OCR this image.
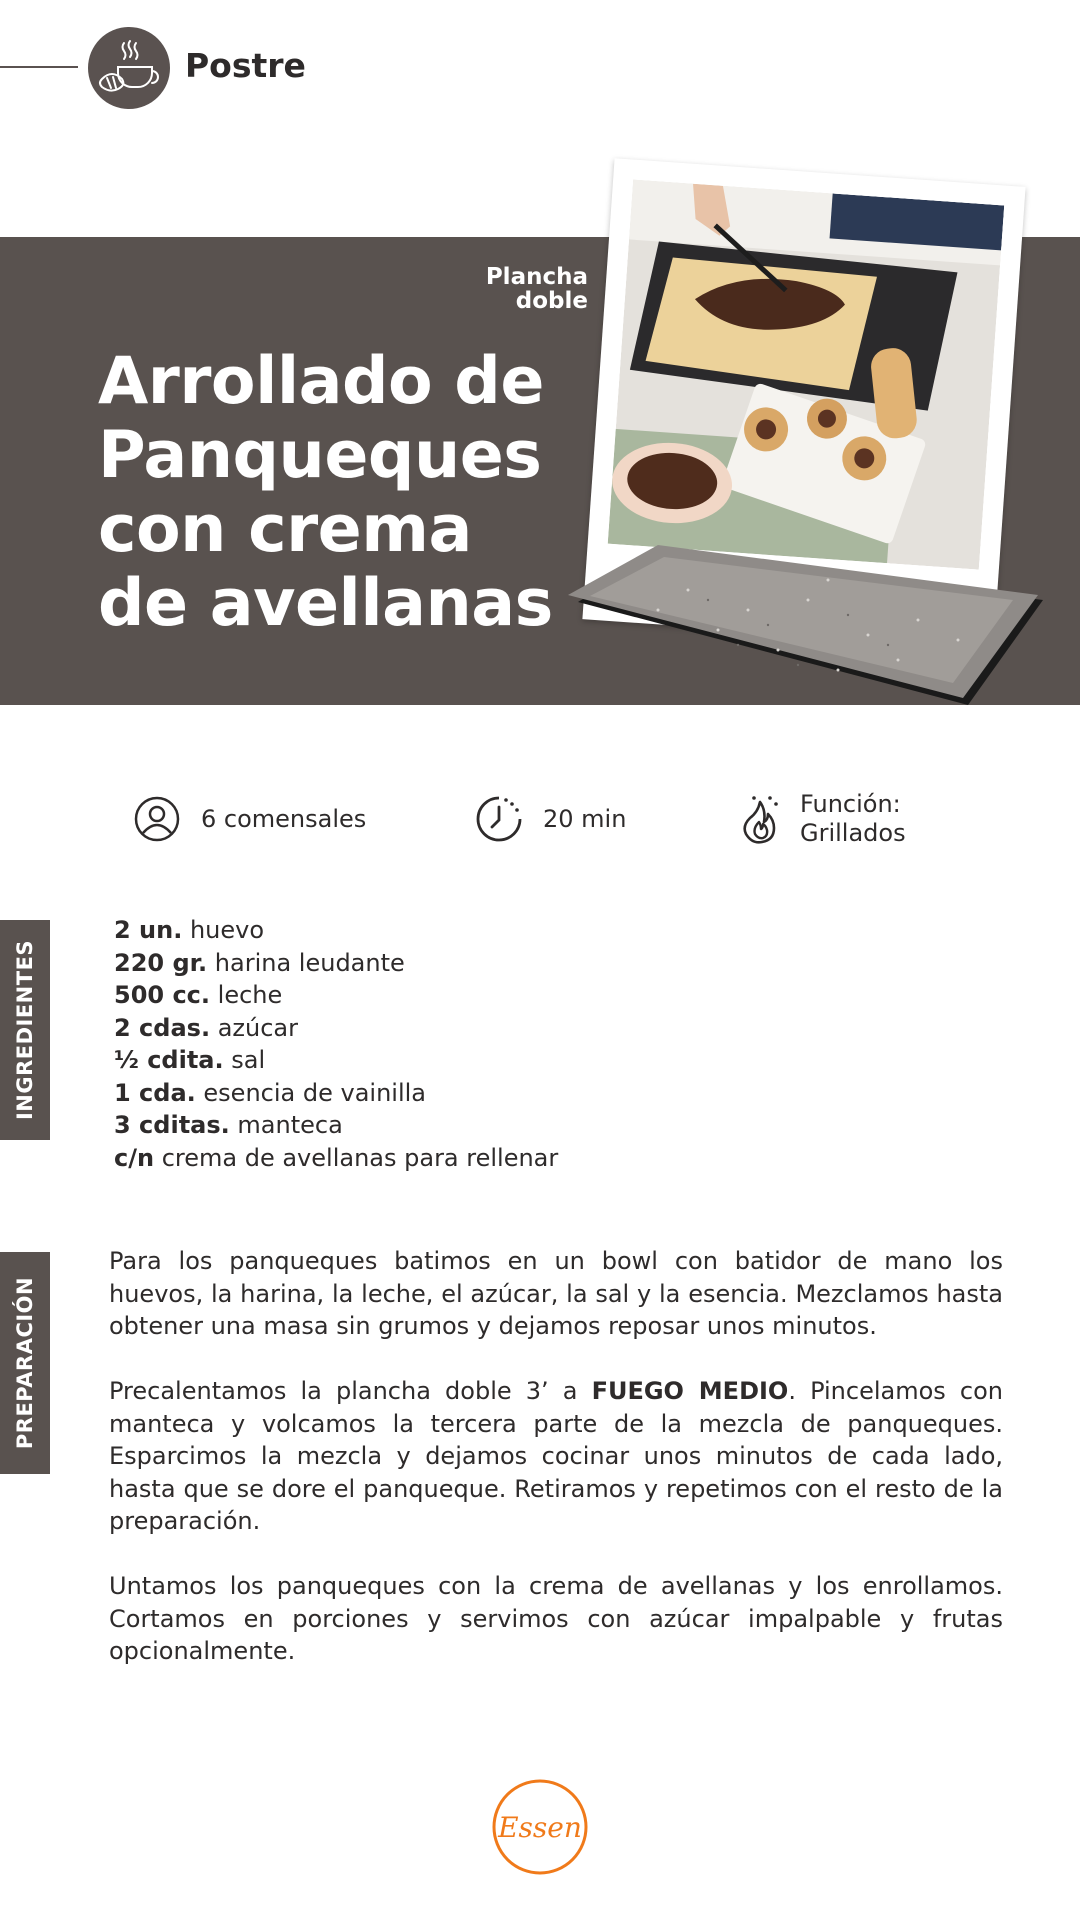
Postre
Plancha
doble
Arrollado de
Panqueques
con crema
de avellanas
6 comensales	20 min
Función:
Grillados
INGREDIENTES
PREPARACIÓN
2 un. huevo
220 gr. harina leudante
500 cc. leche
2 cdas. azúcar
½ cdita. sal
1 cda. esencia de vainilla
3 cditas. manteca
c/n crema de avellanas para rellenar

Para los panqueques batimos en un bowl con batidor de mano los huevos, la harina, la leche, el azúcar, la sal y la esencia. Mezclamos hasta obtener una masa sin grumos y dejamos reposar unos minutos.

Precalentamos la plancha doble 3’ a FUEGO MEDIO. Pincelamos con manteca y volcamos la tercera parte de la mezcla de panqueques. Esparcimos la mezcla y dejamos cocinar unos minutos de cada lado, hasta que se dore el panqueque. Retiramos y repetimos con el resto de la preparación.

Untamos los panqueques con la crema de avellanas y los enrollamos. Cortamos en porciones y servimos con azúcar impalpable y frutas opcionalmente.

Essen
